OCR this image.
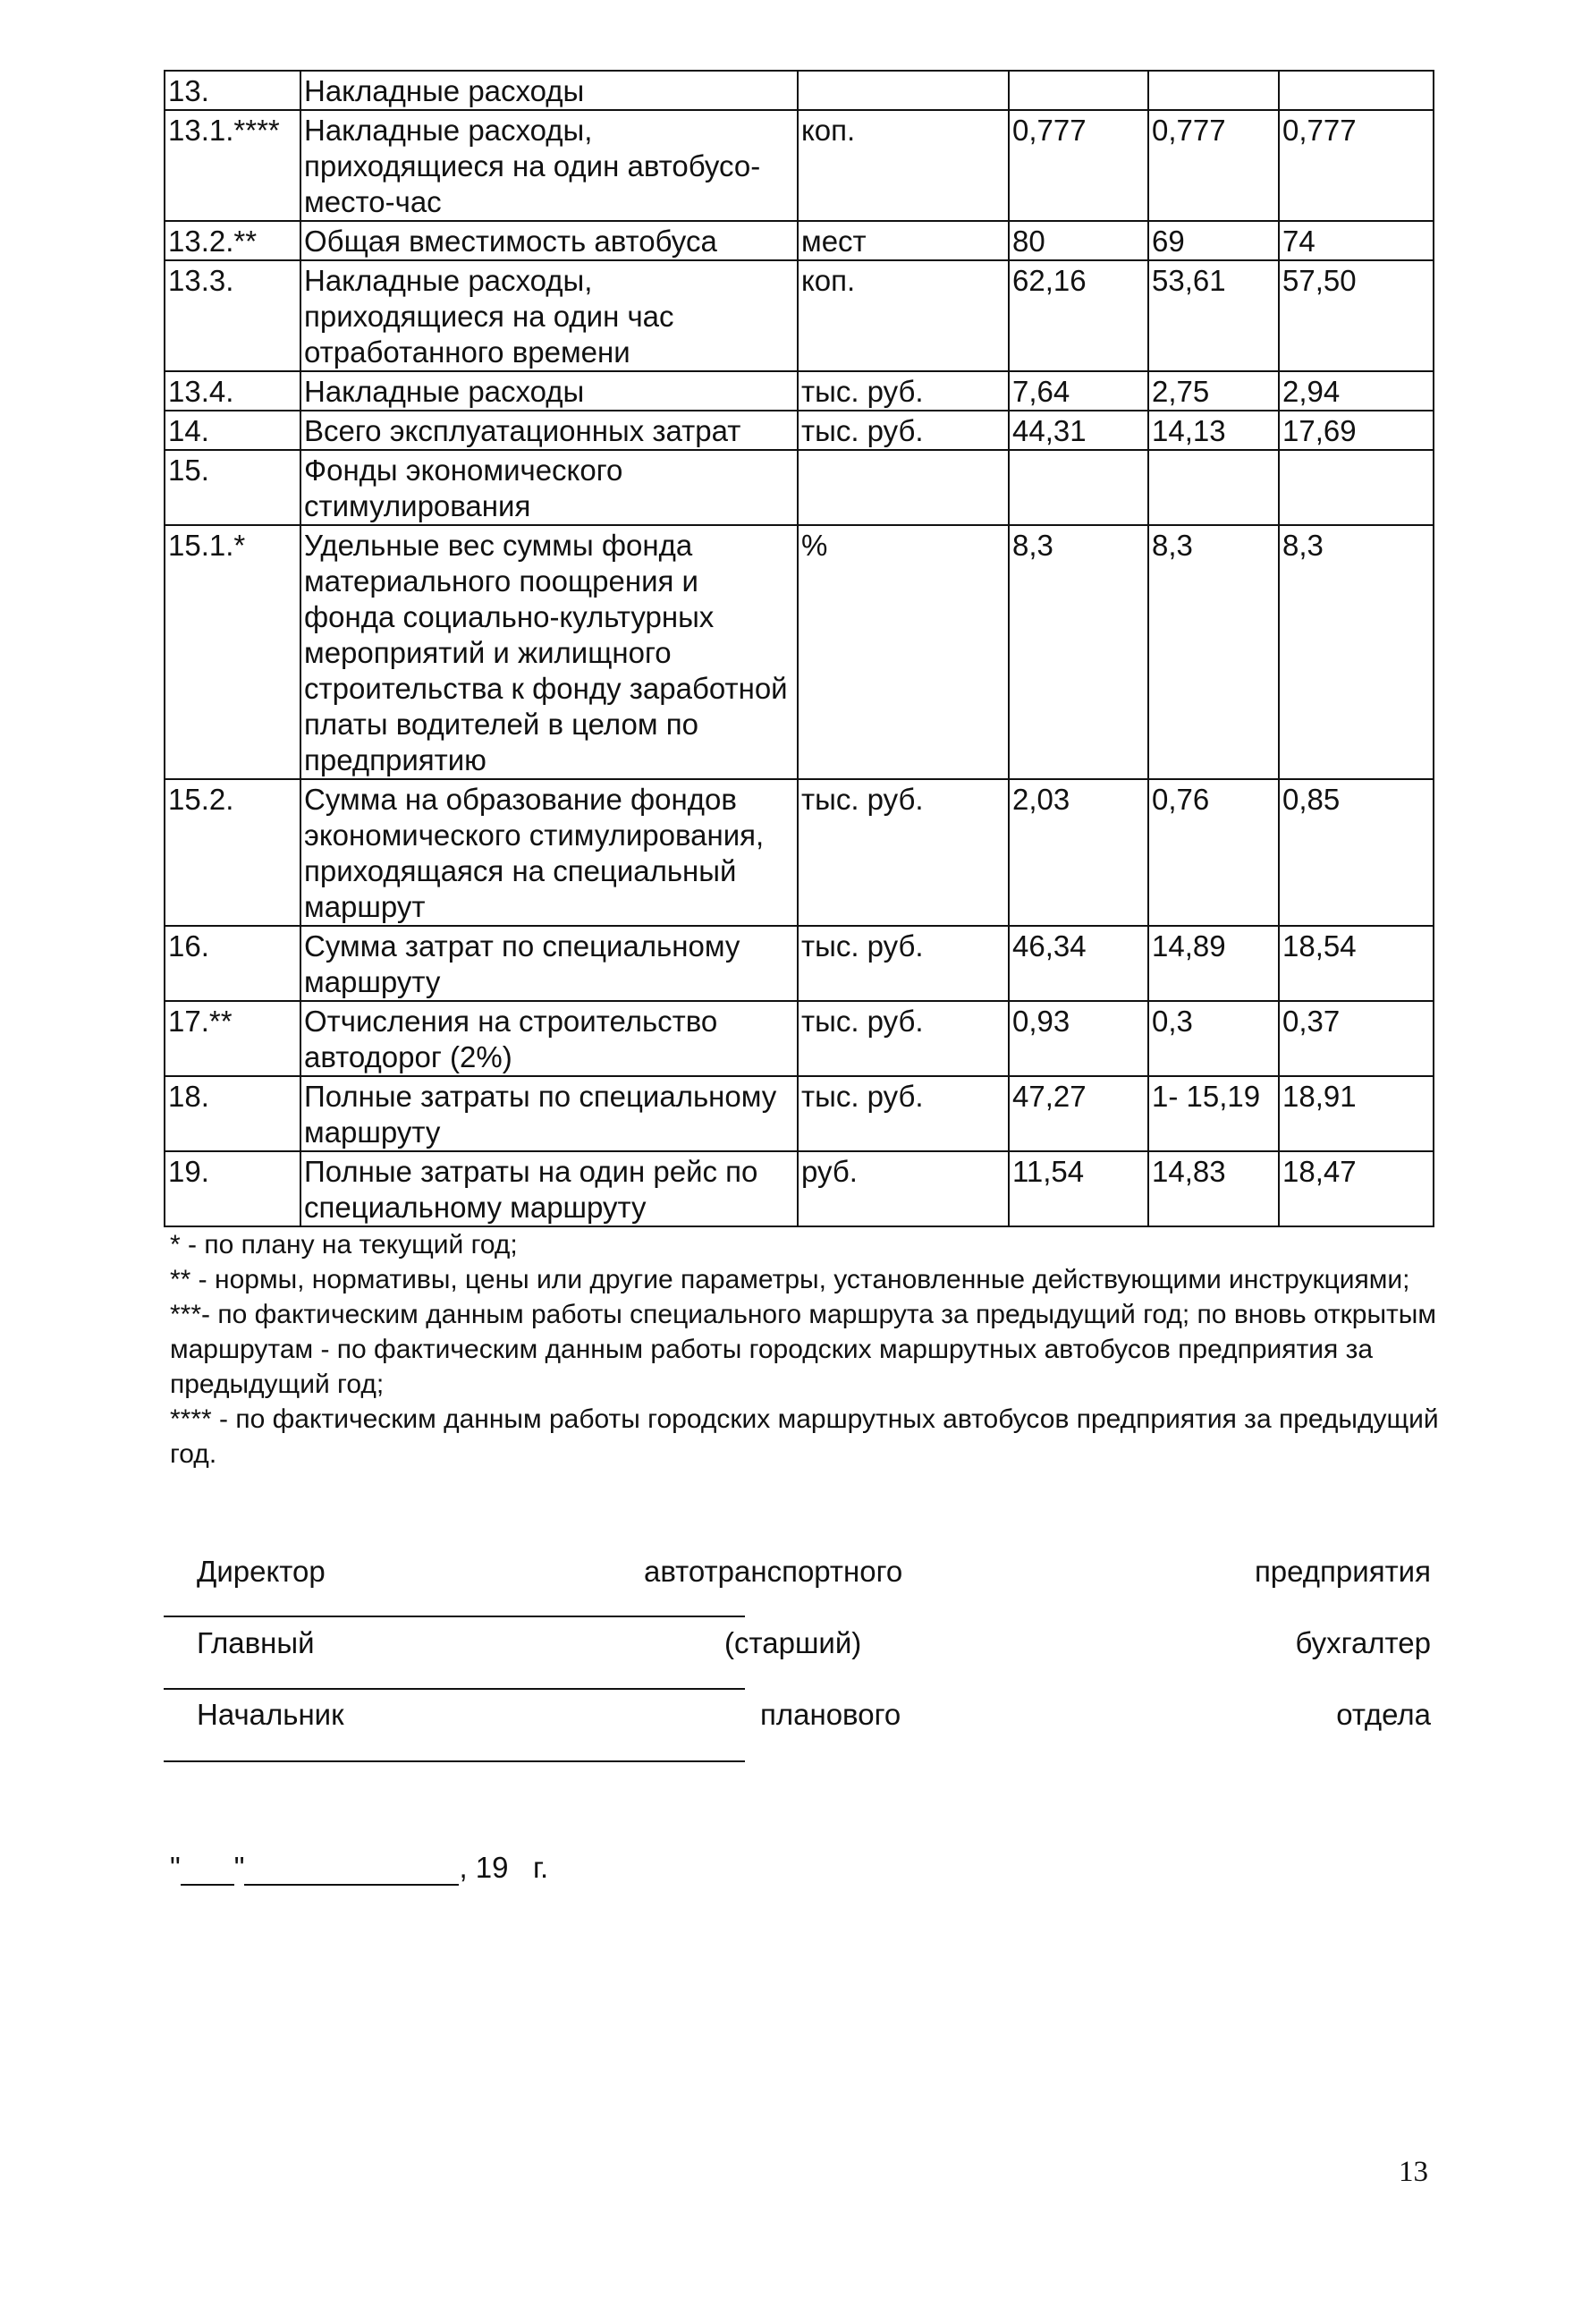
13.	Накладные расходы				
13.1.****	Накладные расходы, приходящиеся на один автобусо-место-час	коп.	0,777	0,777	0,777
13.2.**	Общая вместимость автобуса	мест	80	69	74
13.3.	Накладные расходы, приходящиеся на один час отработанного времени	коп.	62,16	53,61	57,50
13.4.	Накладные расходы	тыс. руб.	7,64	2,75	2,94
14.	Всего эксплуатационных затрат	тыс. руб.	44,31	14,13	17,69
15.	Фонды экономического стимулирования				
15.1.*	Удельные вес суммы фонда материального поощрения и фонда социально-культурных мероприятий и жилищного строительства к фонду заработной платы водителей в целом по предприятию	%	8,3	8,3	8,3
15.2.	Сумма на образование фондов экономического стимулирования, приходящаяся на специальный маршрут	тыс. руб.	2,03	0,76	0,85
16.	Сумма затрат по специальному маршруту	тыс. руб.	46,34	14,89	18,54
17.**	Отчисления на строительство автодорог (2%)	тыс. руб.	0,93	0,3	0,37
18.	Полные затраты по специальному маршруту	тыс. руб.	47,27	1- 15,19	18,91
19.	Полные затраты на один рейс по специальному маршруту	руб.	11,54	14,83	18,47

* - по плану на текущий год;

** - нормы, нормативы, цены или другие параметры, установленные действующими инструкциями;

***- по фактическим данным работы специального маршрута за предыдущий год; по вновь открытым маршрутам - по фактическим данным работы городских маршрутных автобусов предприятия за предыдущий год;

**** - по фактическим данным работы городских маршрутных автобусов предприятия за предыдущий год.

Директор	автотранспортного	предприятия
Главный	(старший)	бухгалтер
Начальник	планового	отдела
" "	, 19 г.
13
